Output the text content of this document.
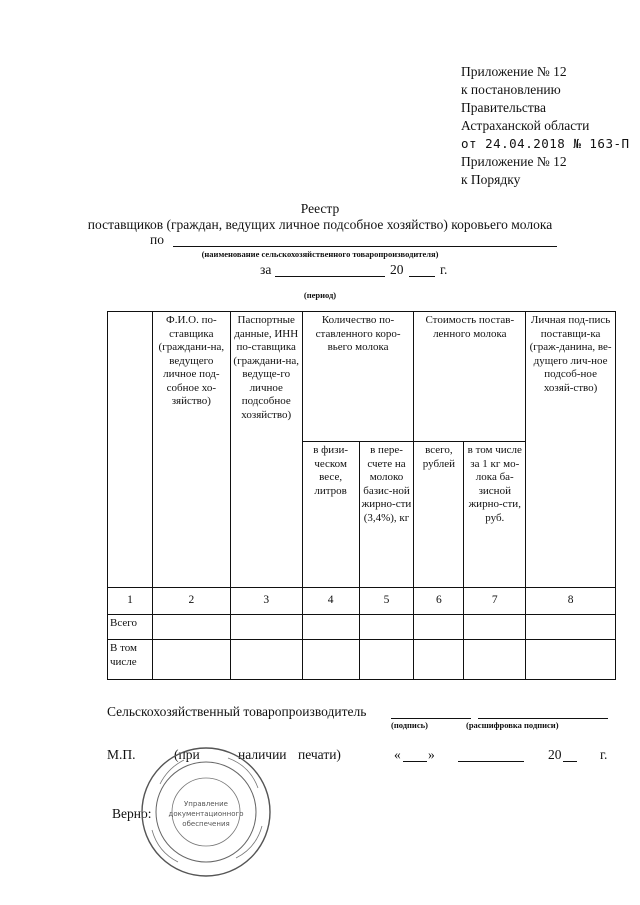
Приложение № 12
к постановлению
Правительства
Астраханской области
от 24.04.2018 № 163-П
Приложение № 12
к Порядку
Реестр
поставщиков (граждан, ведущих личное подсобное хозяйство) коровьего молока
по
(наименование сельскохозяйственного товаропроизводителя)
за	20	г.
(период)
	Ф.И.О. по-ставщика (граждани-на, ведущего личное под-собное хо-зяйство)	Паспортные данные, ИНН по-ставщика (граждани-на, ведуще-го личное подсобное хозяйство)	Количество по-ставленного коро-вьего молока		Стоимость постав-ленного молока		Личная под-пись поставщи-ка (граж-данина, ве-дущего лич-ное подсоб-ное хозяй-ство)
			в физи-ческом весе, литров	в пере-счете на молоко базис-ной жирно-сти (3,4%), кг	всего, рублей	в том числе за 1 кг мо-лока ба-зисной жирно-сти, руб.	
1	2	3	4	5	6	7	8
Всего							
В том числе							
Сельскохозяйственный товаропроизводитель
(подпись)	(расшифровка подписи)
М.П.	(при	наличии печати)	« »	20	г.
Верно:
Управление
документационного
обеспечения
